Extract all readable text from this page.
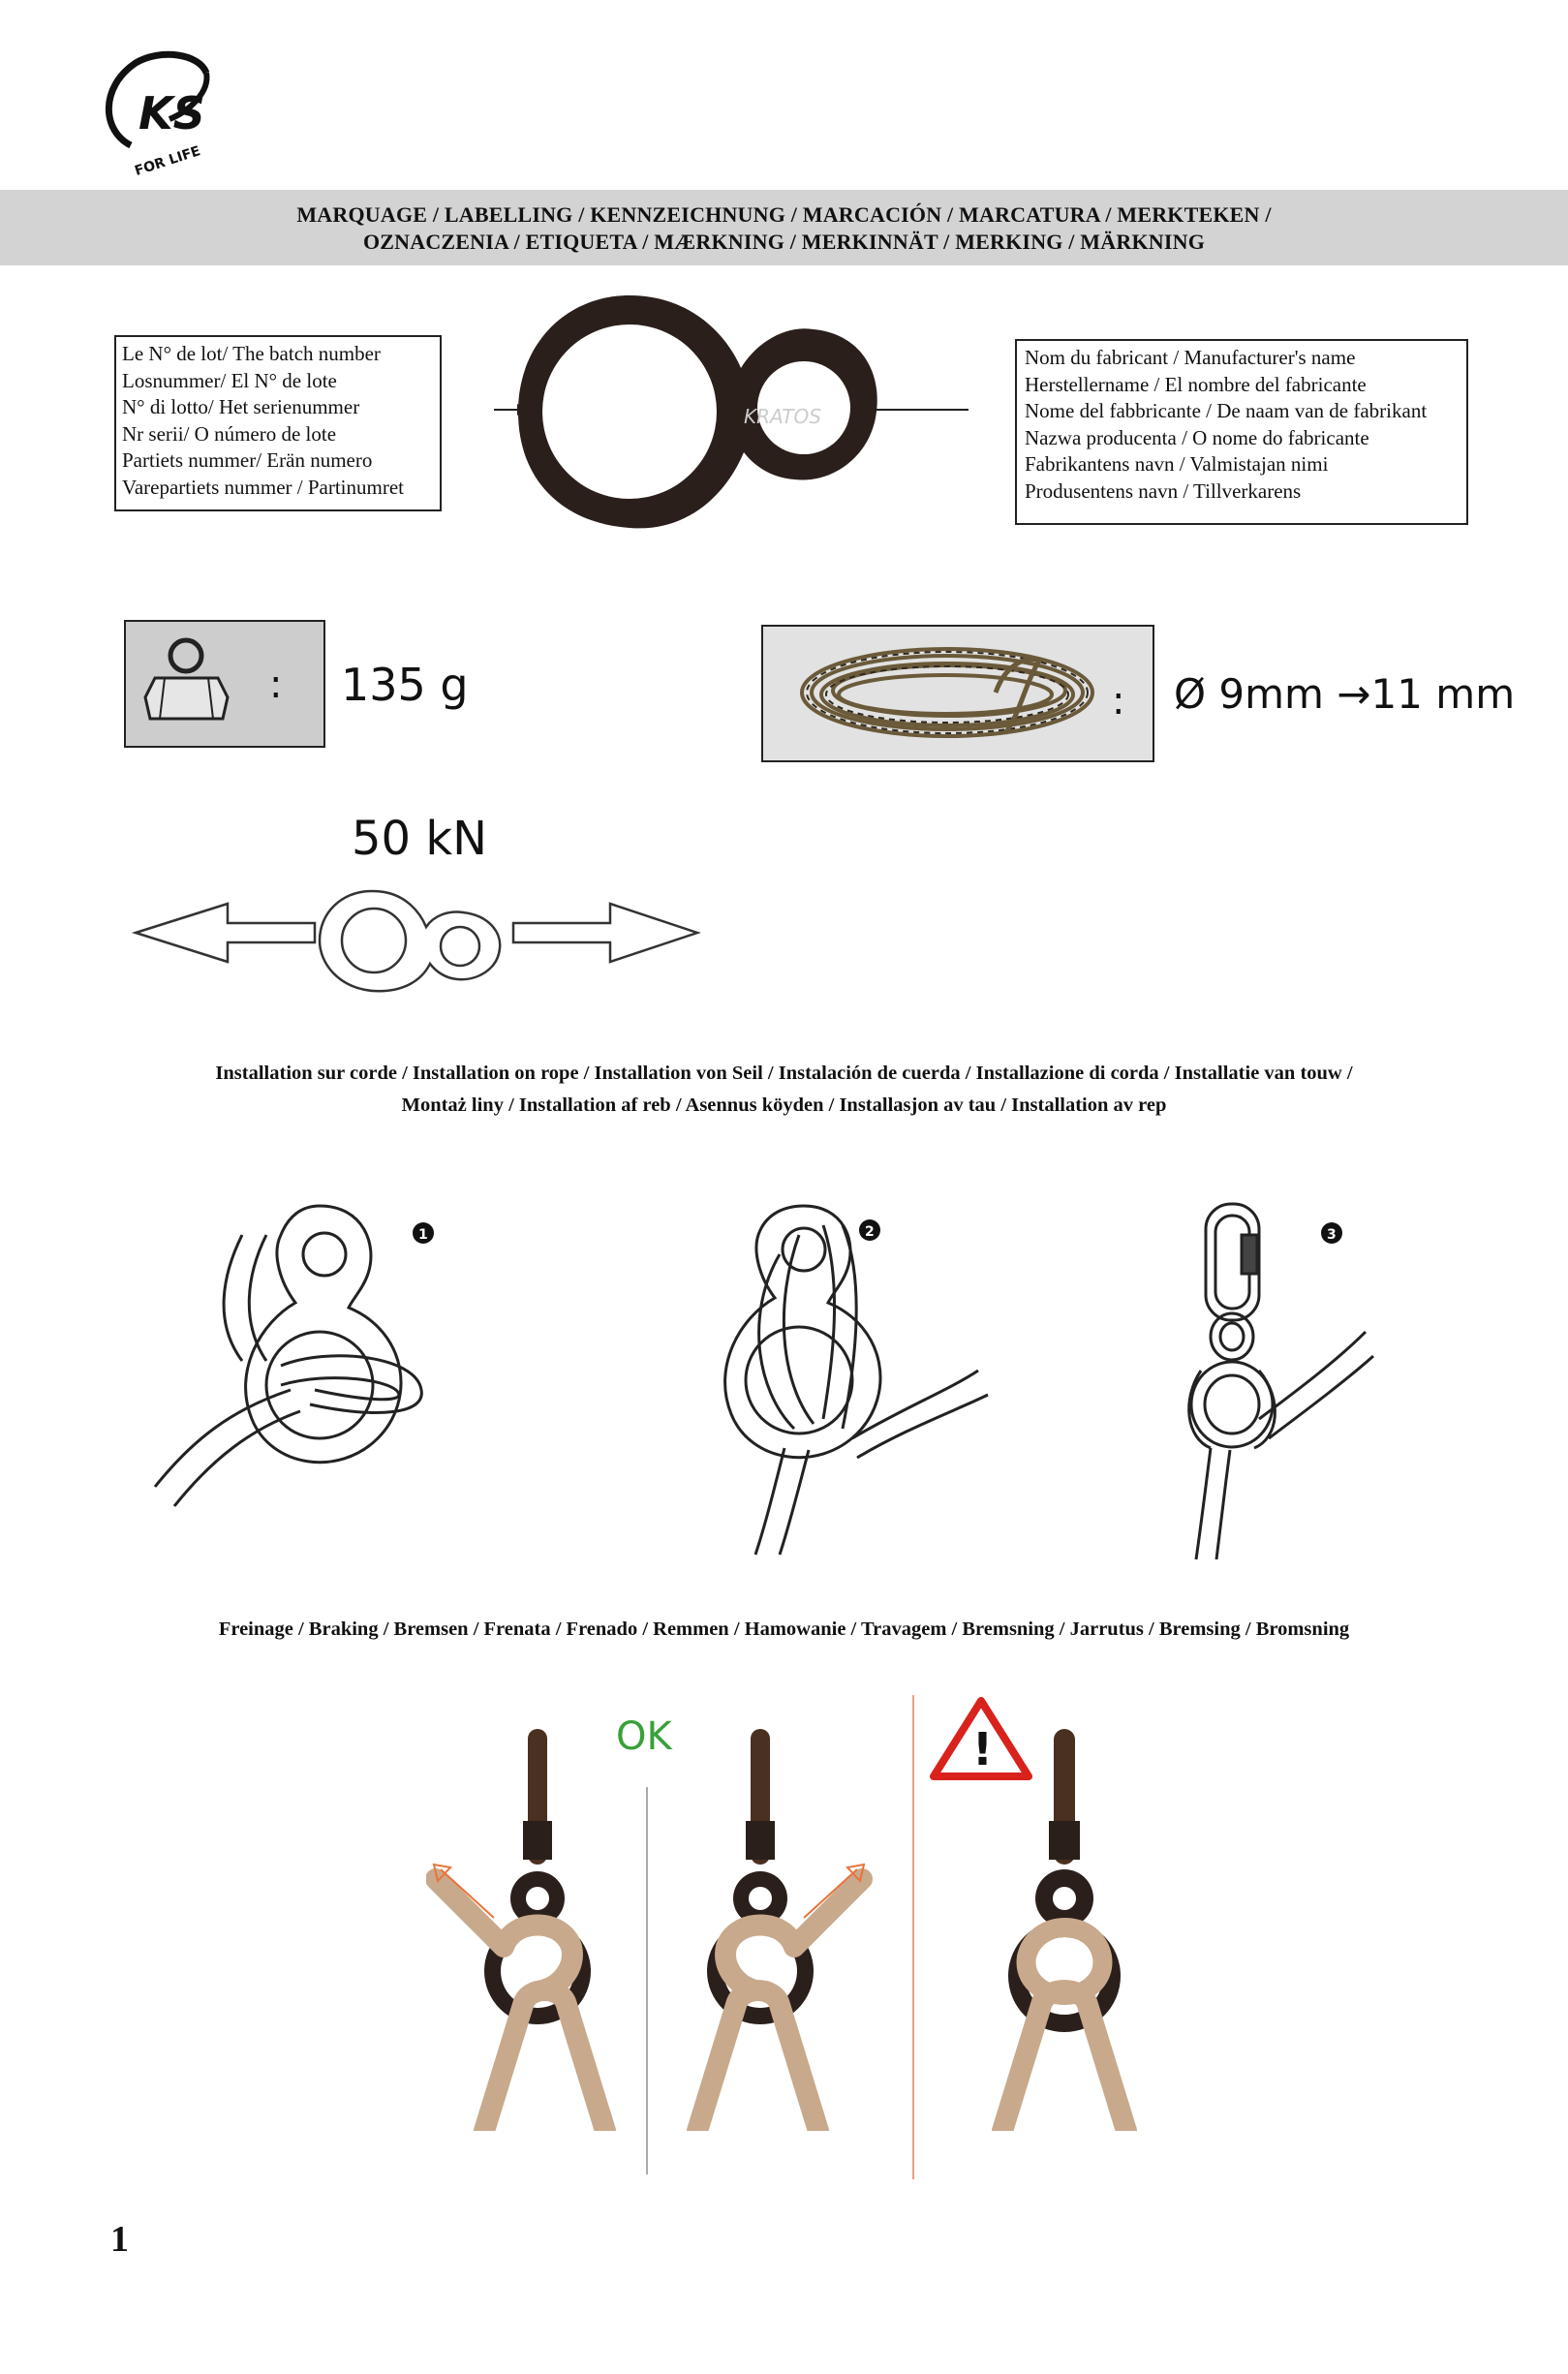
KS
FOR LIFE
MARQUAGE / LABELLING / KENNZEICHNUNG / MARCACIÓN / MARCATURA / MERKTEKEN /
OZNACZENIA / ETIQUETA / MÆRKNING / MERKINNÄT / MERKING / MÄRKNING
Le N° de lot/ The batch number
Losnummer/ El N° de lote
N° di lotto/ Het serienummer
Nr serii/ O número de lote
Partiets nummer/ Erän numero
Varepartiets nummer / Partinumret
KRATOS
Nom du fabricant / Manufacturer's name
Herstellername / El nombre del fabricante
Nome del fabbricante / De naam van de fabrikant
Nazwa producenta / O nome do fabricante
Fabrikantens navn / Valmistajan nimi
Produsentens navn / Tillverkarens
: 135 g	: Ø 9mm →11 mm
50 kN
Installation sur corde / Installation on rope / Installation von Seil / Instalación de cuerda / Installazione di corda / Installatie van touw /
Montaż liny / Installation af reb / Asennus köyden / Installasjon av tau / Installation av rep
1	2	3
Freinage / Braking / Bremsen / Frenata / Frenado / Remmen / Hamowanie / Travagem / Bremsning / Jarrutus / Bremsing / Bromsning
OK	!
1
